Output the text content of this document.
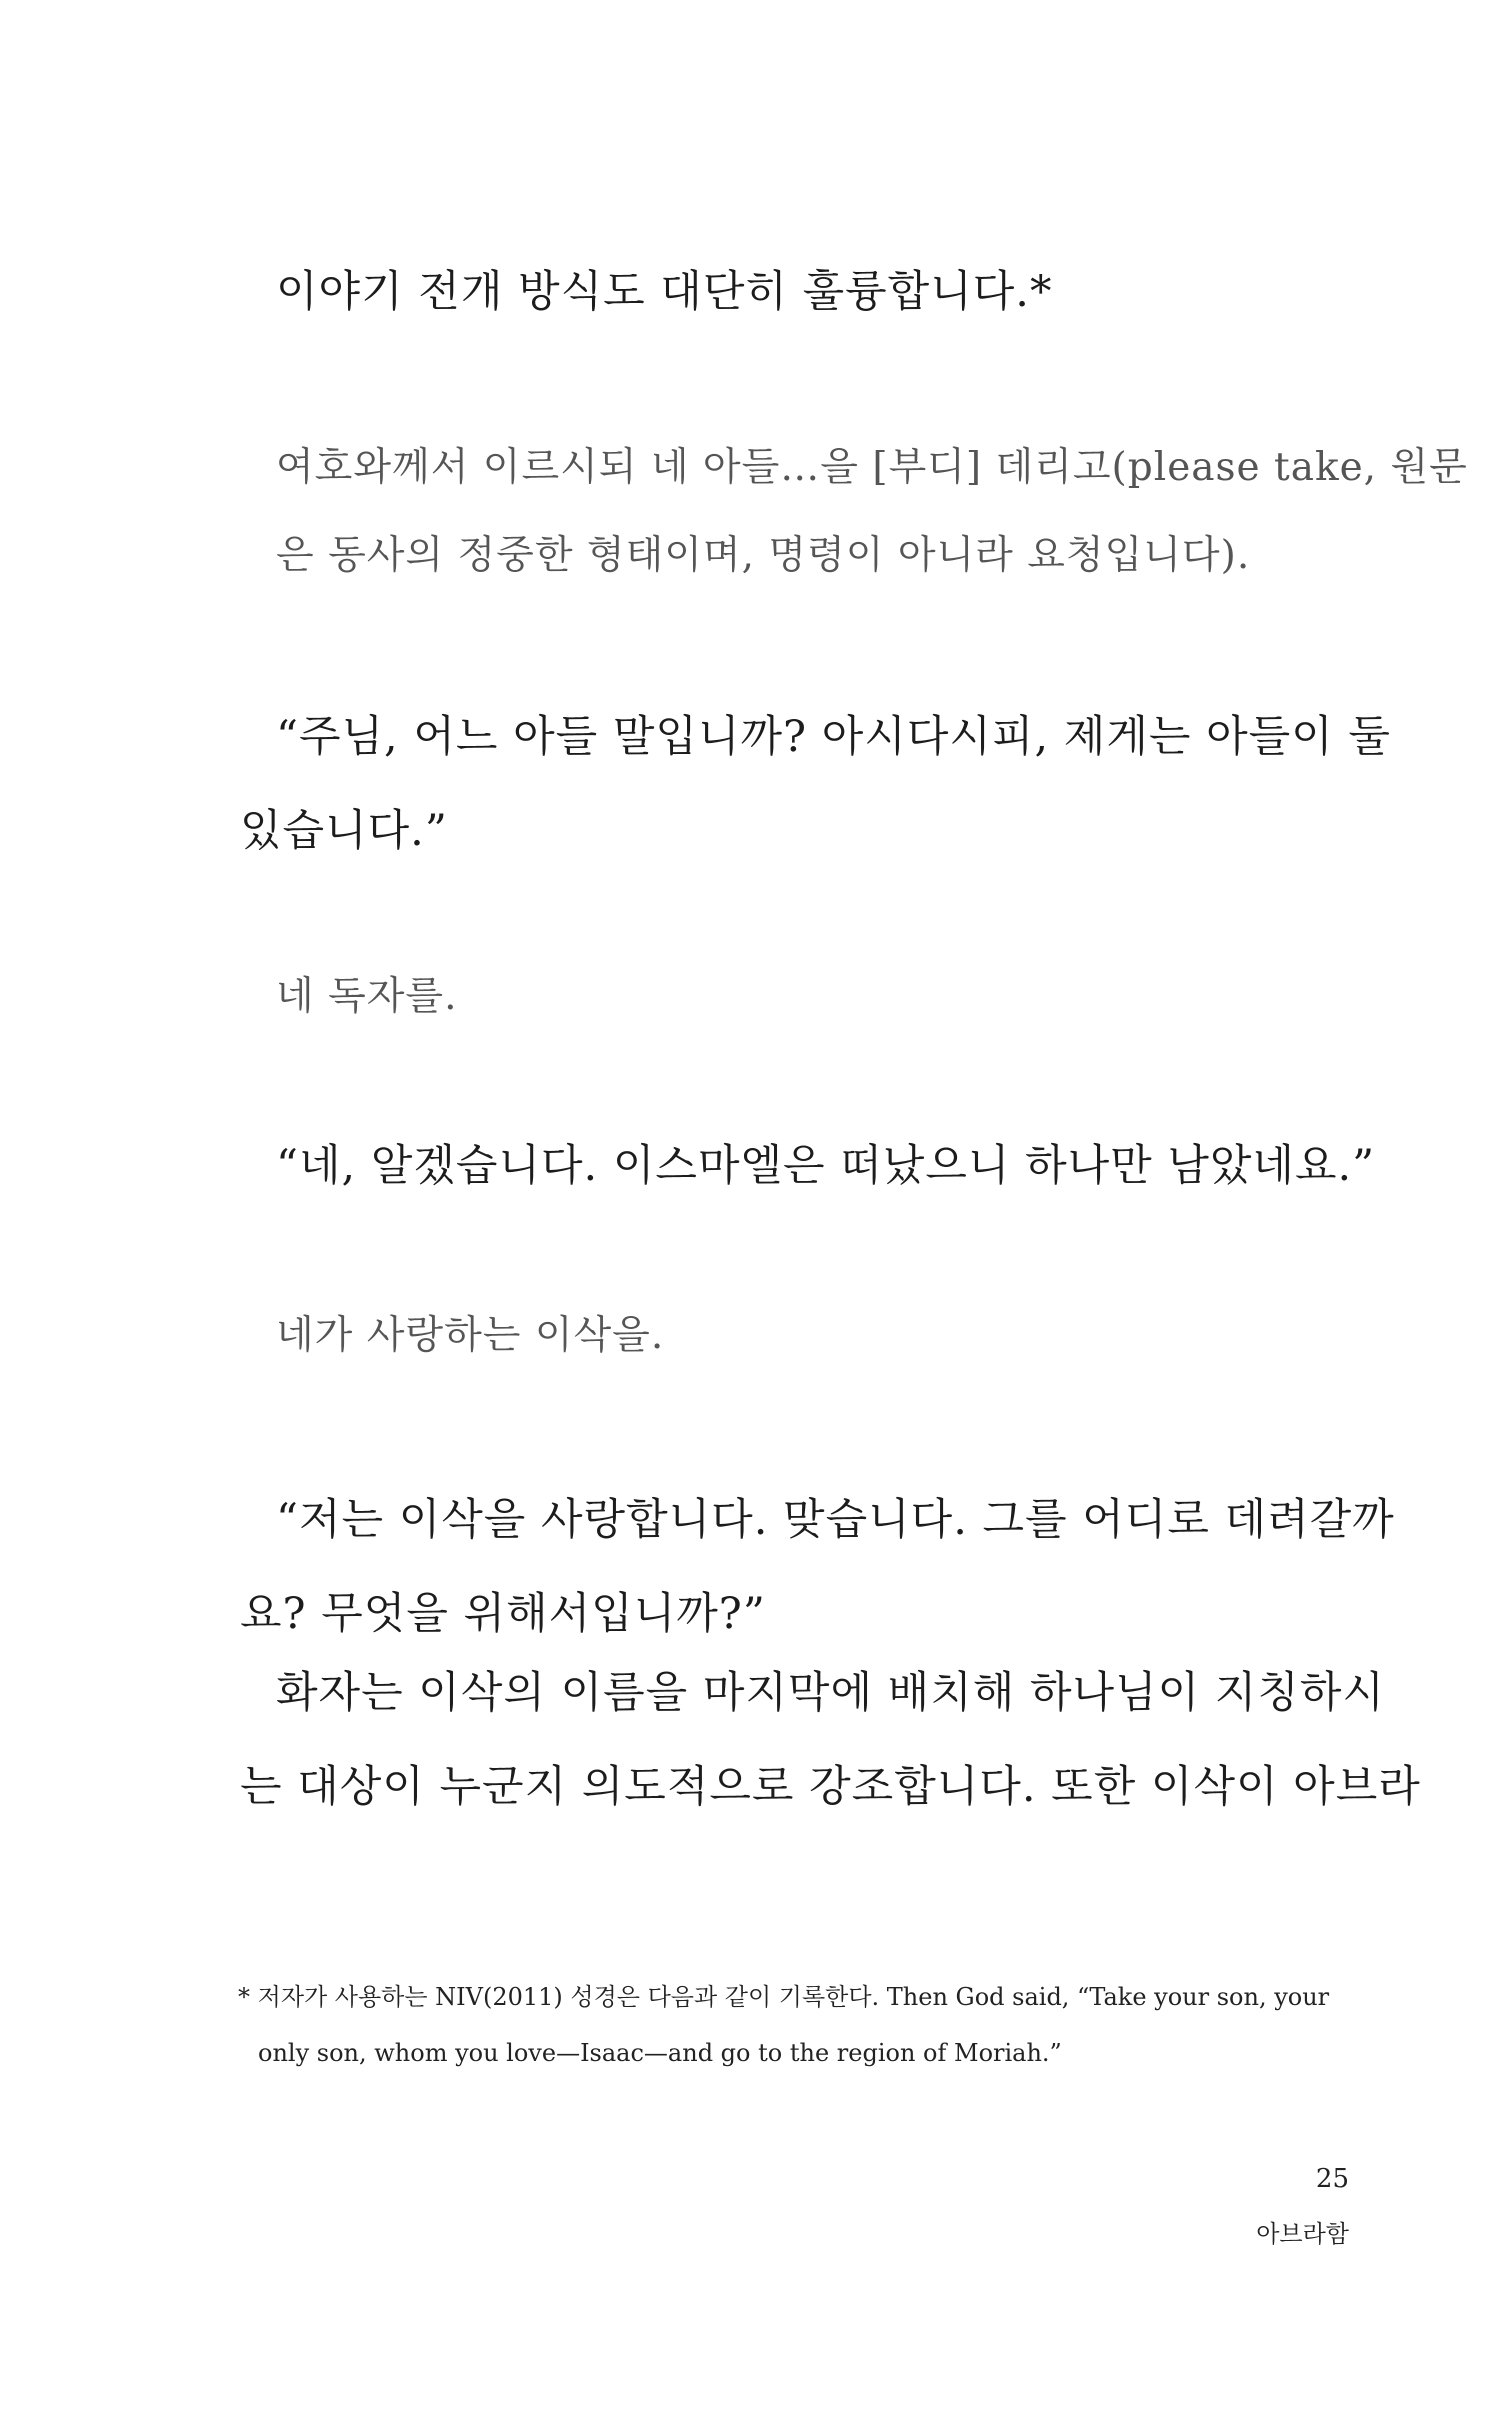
이야기 전개 방식도 대단히 훌륭합니다.*

여호와께서 이르시되 네 아들…을 [부디] 데리고(please take, 원문
은 동사의 정중한 형태이며, 명령이 아니라 요청입니다).

“주님, 어느 아들 말입니까? 아시다시피, 제게는 아들이 둘
있습니다.”

네 독자를.

“네, 알겠습니다. 이스마엘은 떠났으니 하나만 남았네요.”

네가 사랑하는 이삭을.

“저는 이삭을 사랑합니다. 맞습니다. 그를 어디로 데려갈까
요? 무엇을 위해서입니까?”

화자는 이삭의 이름을 마지막에 배치해 하나님이 지칭하시
는 대상이 누군지 의도적으로 강조합니다. 또한 이삭이 아브라

* 저자가 사용하는 NIV(2011) 성경은 다음과 같이 기록한다. Then God said, “Take your son, your
only son, whom you love—Isaac—and go to the region of Moriah.”
25
아브라함
